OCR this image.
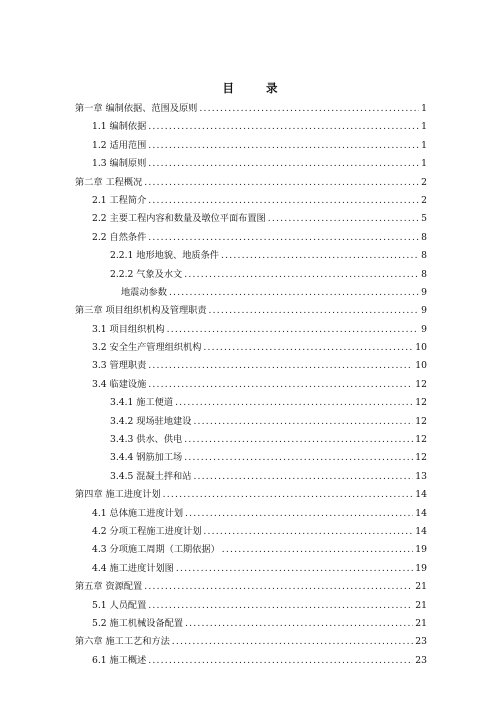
目 录
第一章 编制依据、范围及原则 .....	1
1.1 编制依据 .....	1
1.2 适用范围 .....	1
1.3 编制原则 .....	1
第二章 工程概况 .....	2
2.1 工程简介 .....	2
2.2 主要工程内容和数量及墩位平面布置图 .....	5
2.2 自然条件 .....	8
2.2.1 地形地貌、地质条件 .....	8
2.2.2 气象及水文 .....	8
地震动参数 .....	9
第三章 项目组织机构及管理职责 .....	9
3.1 项目组织机构 .....	9
3.2 安全生产管理组织机构 .....	10
3.3 管理职责 .....	10
3.4 临建设施 .....	12
3.4.1 施工便道 .....	12
3.4.2 现场驻地建设 .....	12
3.4.3 供水、供电 .....	12
3.4.4 钢筋加工场 .....	12
3.4.5 混凝土拌和站 .....	13
第四章 施工进度计划 .....	14
4.1 总体施工进度计划 .....	14
4.2 分项工程施工进度计划 .....	14
4.3 分项施工周期（工期依据） .....	19
4.4 施工进度计划图 .....	19
第五章 资源配置 .....	21
5.1 人员配置 .....	21
5.2 施工机械设备配置 .....	21
第六章 施工工艺和方法 .....	23
6.1 施工概述 .....	23
